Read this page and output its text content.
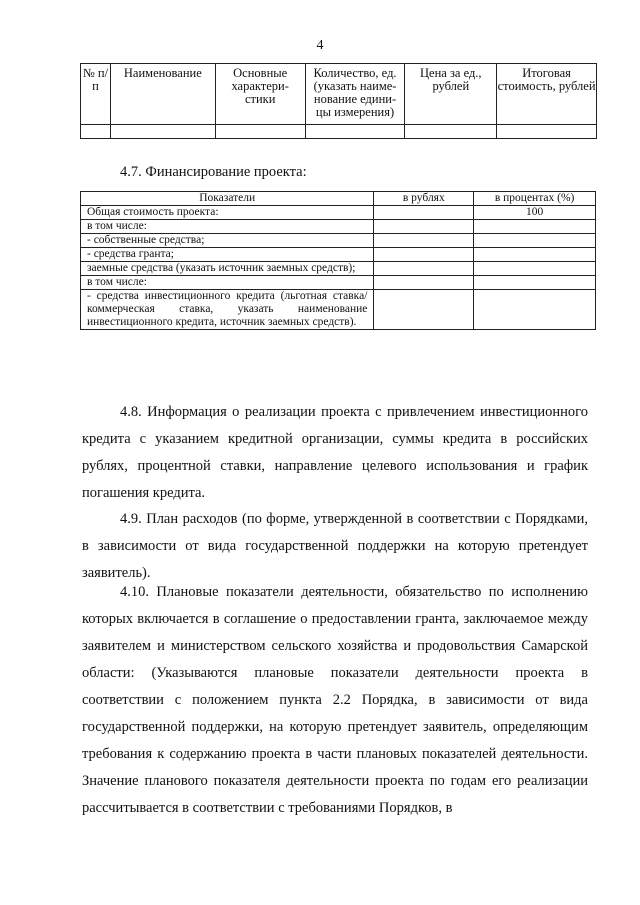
4
№ п/п	Наименование	Основные характери- стики	Количество, ед. (указать наиме- нование едини- цы измерения)	Цена за ед., рублей	Итоговая стоимость, рублей

4.7. Финансирование проекта:
Показатели	в рублях	в процентах (%)
Общая стоимость проекта:		100
в том числе:		
- собственные средства;		
- средства гранта;		
заемные средства (указать источник заемных средств);		
в том числе:		
- средства инвестиционного кредита (льготная ставка/коммерческая ставка, указать наименование инвестиционного кредита, источник заемных средств).		

4.8. Информация о реализации проекта с привлечением инвестиционного кредита с указанием кредитной организации, суммы кредита в российских рублях, процентной ставки, направление целевого использования и график погашения кредита.

4.9. План расходов (по форме, утвержденной в соответствии с Порядками, в зависимости от вида государственной поддержки на которую претендует заявитель).

4.10. Плановые показатели деятельности, обязательство по исполнению которых включается в соглашение о предоставлении гранта, заключаемое между заявителем и министерством сельского хозяйства и продовольствия Самарской области: (Указываются плановые показатели деятельности проекта в соответствии с положением пункта 2.2 Порядка, в зависимости от вида государственной поддержки, на которую претендует заявитель, определяющим требования к содержанию проекта в части плановых показателей деятельности. Значение планового показателя деятельности проекта по годам его реализации рассчитывается в соответствии с требованиями Порядков, в
